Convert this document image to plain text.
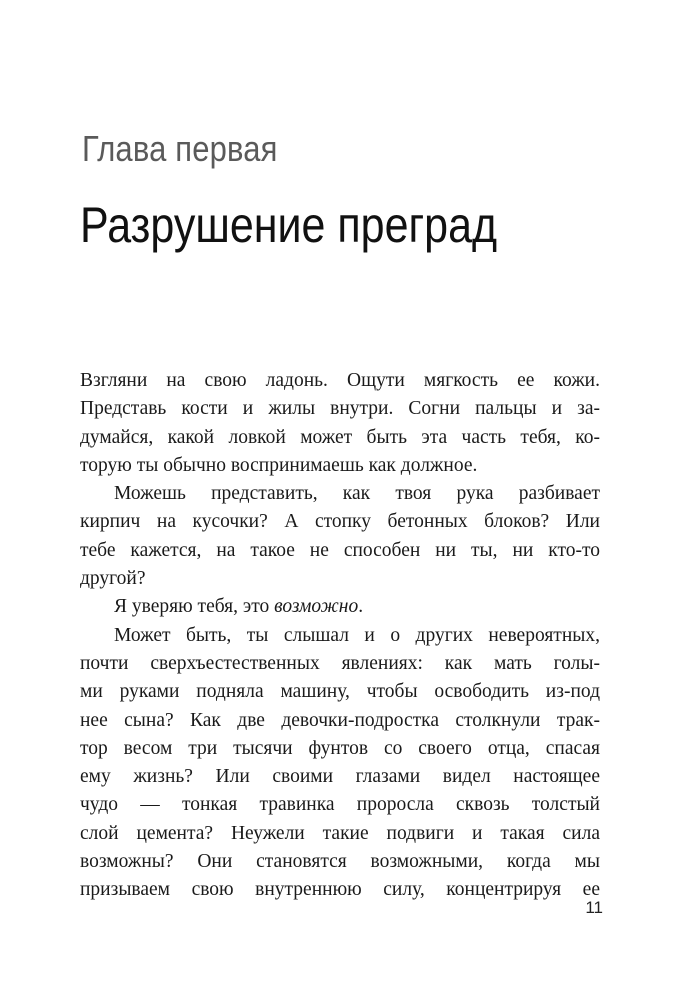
Глава первая
Разрушение преград
Взгляни на свою ладонь. Ощути мягкость ее кожи.
Представь кости и жилы внутри. Согни пальцы и за-
думайся, какой ловкой может быть эта часть тебя, ко-
торую ты обычно воспринимаешь как должное.
Можешь представить, как твоя рука разбивает
кирпич на кусочки? А стопку бетонных блоков? Или
тебе кажется, на такое не способен ни ты, ни кто-то
другой?
Я уверяю тебя, это возможно.
Может быть, ты слышал и о других невероятных,
почти сверхъестественных явлениях: как мать голы-
ми руками подняла машину, чтобы освободить из-под
нее сына? Как две девочки-подростка столкнули трак-
тор весом три тысячи фунтов со своего отца, спасая
ему жизнь? Или своими глазами видел настоящее
чудо — тонкая травинка проросла сквозь толстый
слой цемента? Неужели такие подвиги и такая сила
возможны? Они становятся возможными, когда мы
призываем свою внутреннюю силу, концентрируя ее
11
